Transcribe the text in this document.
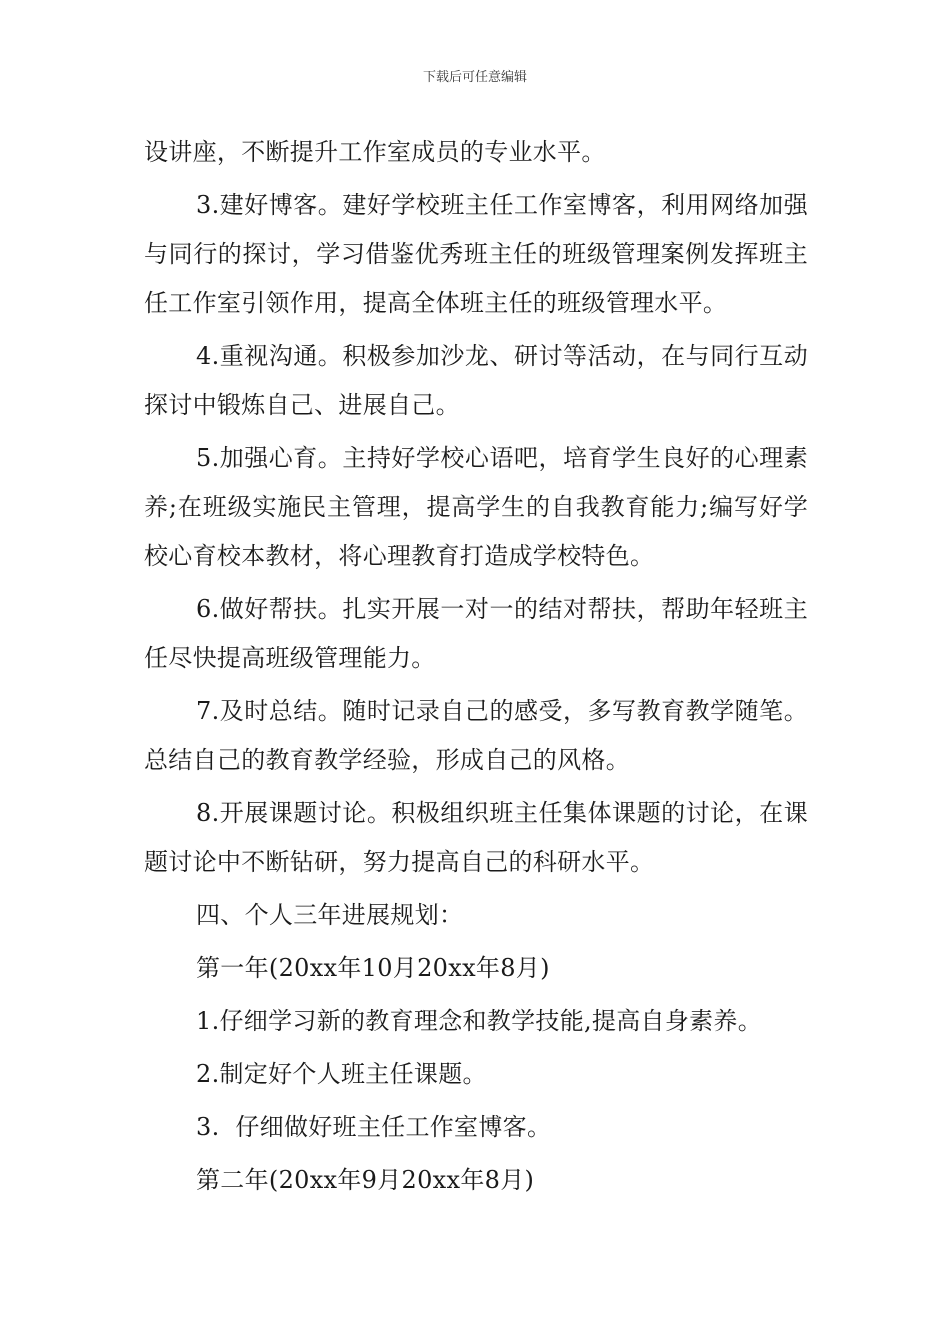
下载后可任意编辑

设讲座，不断提升工作室成员的专业水平。

3.建好博客。建好学校班主任工作室博客，利用网络加强与同行的探讨，学习借鉴优秀班主任的班级管理案例发挥班主任工作室引领作用，提高全体班主任的班级管理水平。

4.重视沟通。积极参加沙龙、研讨等活动，在与同行互动探讨中锻炼自己、进展自己。

5.加强心育。主持好学校心语吧，培育学生良好的心理素养;在班级实施民主管理，提高学生的自我教育能力;编写好学校心育校本教材，将心理教育打造成学校特色。

6.做好帮扶。扎实开展一对一的结对帮扶，帮助年轻班主任尽快提高班级管理能力。

7.及时总结。随时记录自己的感受，多写教育教学随笔。总结自己的教育教学经验，形成自己的风格。

8.开展课题讨论。积极组织班主任集体课题的讨论，在课题讨论中不断钻研，努力提高自己的科研水平。

四、个人三年进展规划：

第一年(20xx年10月20xx年8月)

1.仔细学习新的教育理念和教学技能,提高自身素养。

2.制定好个人班主任课题。

3.  仔细做好班主任工作室博客。

第二年(20xx年9月20xx年8月)
